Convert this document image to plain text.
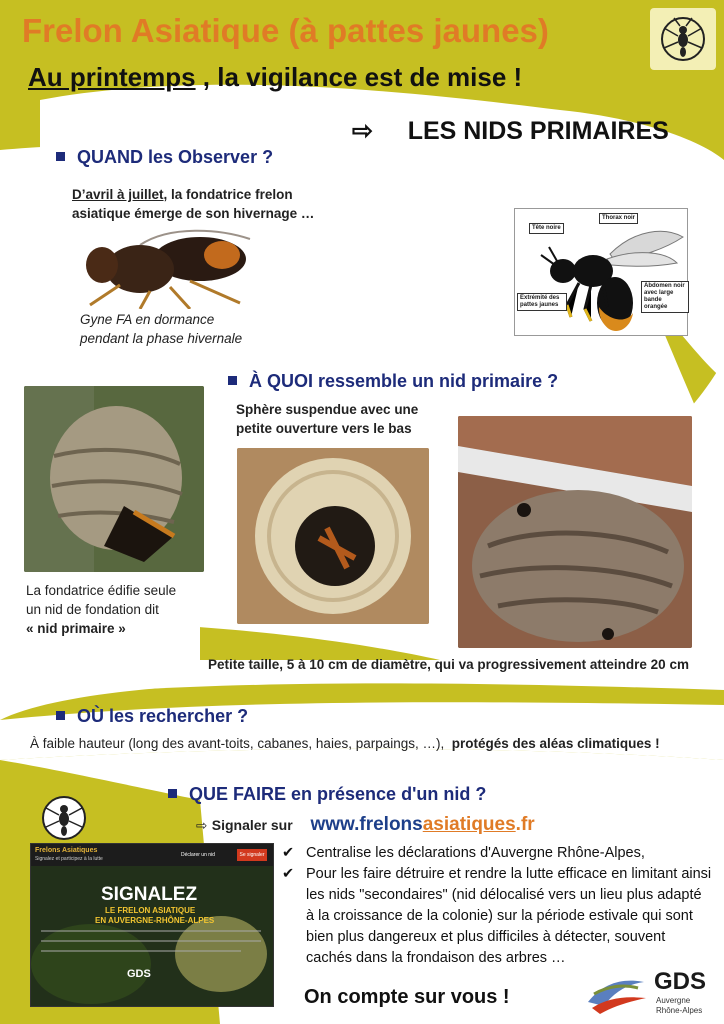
Frelon Asiatique (à pattes jaunes)
Au printemps , la vigilance est de mise !
⇨ LES NIDS PRIMAIRES
QUAND les Observer ?
D’avril à juillet, la fondatrice frelon
asiatique émerge de son hivernage …
Gyne FA en dormance
pendant la phase hivernale
Tête noire
Thorax noir
Extrémité des pattes jaunes
Abdomen noir avec large bande orangée
À QUOI ressemble un nid primaire ?
Sphère suspendue avec une
petite ouverture vers le bas
La fondatrice édifie seule
un nid de fondation dit
« nid primaire »
Petite taille, 5 à 10 cm de diamètre, qui va progressivement atteindre 20 cm
OÙ les rechercher ?
À faible hauteur (long des avant-toits, cabanes, haies, parpaings, …), protégés des aléas climatiques !
QUE FAIRE en présence d'un nid ?
⇨ Signaler sur www.frelonsasiatiques.fr
Frelons Asiatiques
Signalez et participez à la lutte
Déclarer un nid	Se signaler
SIGNALEZ
LE FRELON ASIATIQUE
EN AUVERGNE-RHÔNE-ALPES
GDS
✔ Centralise les déclarations d'Auvergne Rhône-Alpes,
✔ Pour les faire détruire et rendre la lutte efficace en limitant ainsi les nids "secondaires" (nid délocalisé vers un lieu plus adapté à la croissance de la colonie) sur la période estivale qui sont bien plus dangereux et plus difficiles à détecter, souvent cachés dans la frondaison des arbres …
On compte sur vous !
GDS
Auvergne
Rhône-Alpes
